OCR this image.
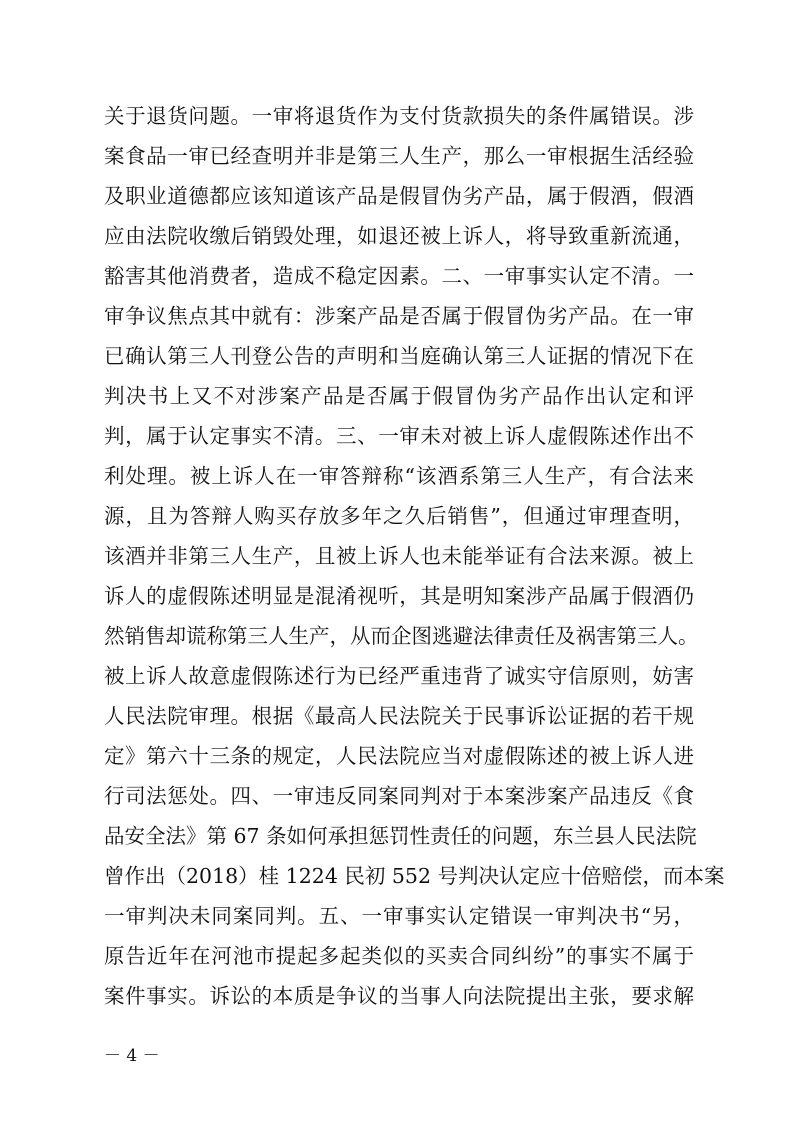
关于退货问题。一审将退货作为支付货款损失的条件属错误。涉
案食品一审已经查明并非是第三人生产，那么一审根据生活经验
及职业道德都应该知道该产品是假冒伪劣产品，属于假酒，假酒
应由法院收缴后销毁处理，如退还被上诉人，将导致重新流通，
豁害其他消费者，造成不稳定因素。二、一审事实认定不清。一
审争议焦点其中就有：涉案产品是否属于假冒伪劣产品。在一审
已确认第三人刊登公告的声明和当庭确认第三人证据的情况下在
判决书上又不对涉案产品是否属于假冒伪劣产品作出认定和评
判，属于认定事实不清。三、一审未对被上诉人虚假陈述作出不
利处理。被上诉人在一审答辩称“该酒系第三人生产，有合法来
源，且为答辩人购买存放多年之久后销售”，但通过审理查明，
该酒并非第三人生产，且被上诉人也未能举证有合法来源。被上
诉人的虚假陈述明显是混淆视听，其是明知案涉产品属于假酒仍
然销售却谎称第三人生产，从而企图逃避法律责任及祸害第三人。
被上诉人故意虚假陈述行为已经严重违背了诚实守信原则，妨害
人民法院审理。根据《最高人民法院关于民事诉讼证据的若干规
定》第六十三条的规定，人民法院应当对虚假陈述的被上诉人进
行司法惩处。四、一审违反同案同判对于本案涉案产品违反《食
品安全法》第 67 条如何承担惩罚性责任的问题，东兰县人民法院
曾作出（2018）桂 1224 民初 552 号判决认定应十倍赔偿，而本案
一审判决未同案同判。五、一审事实认定错误一审判决书“另，
原告近年在河池市提起多起类似的买卖合同纠纷”的事实不属于
案件事实。诉讼的本质是争议的当事人向法院提出主张，要求解
－ 4 －
